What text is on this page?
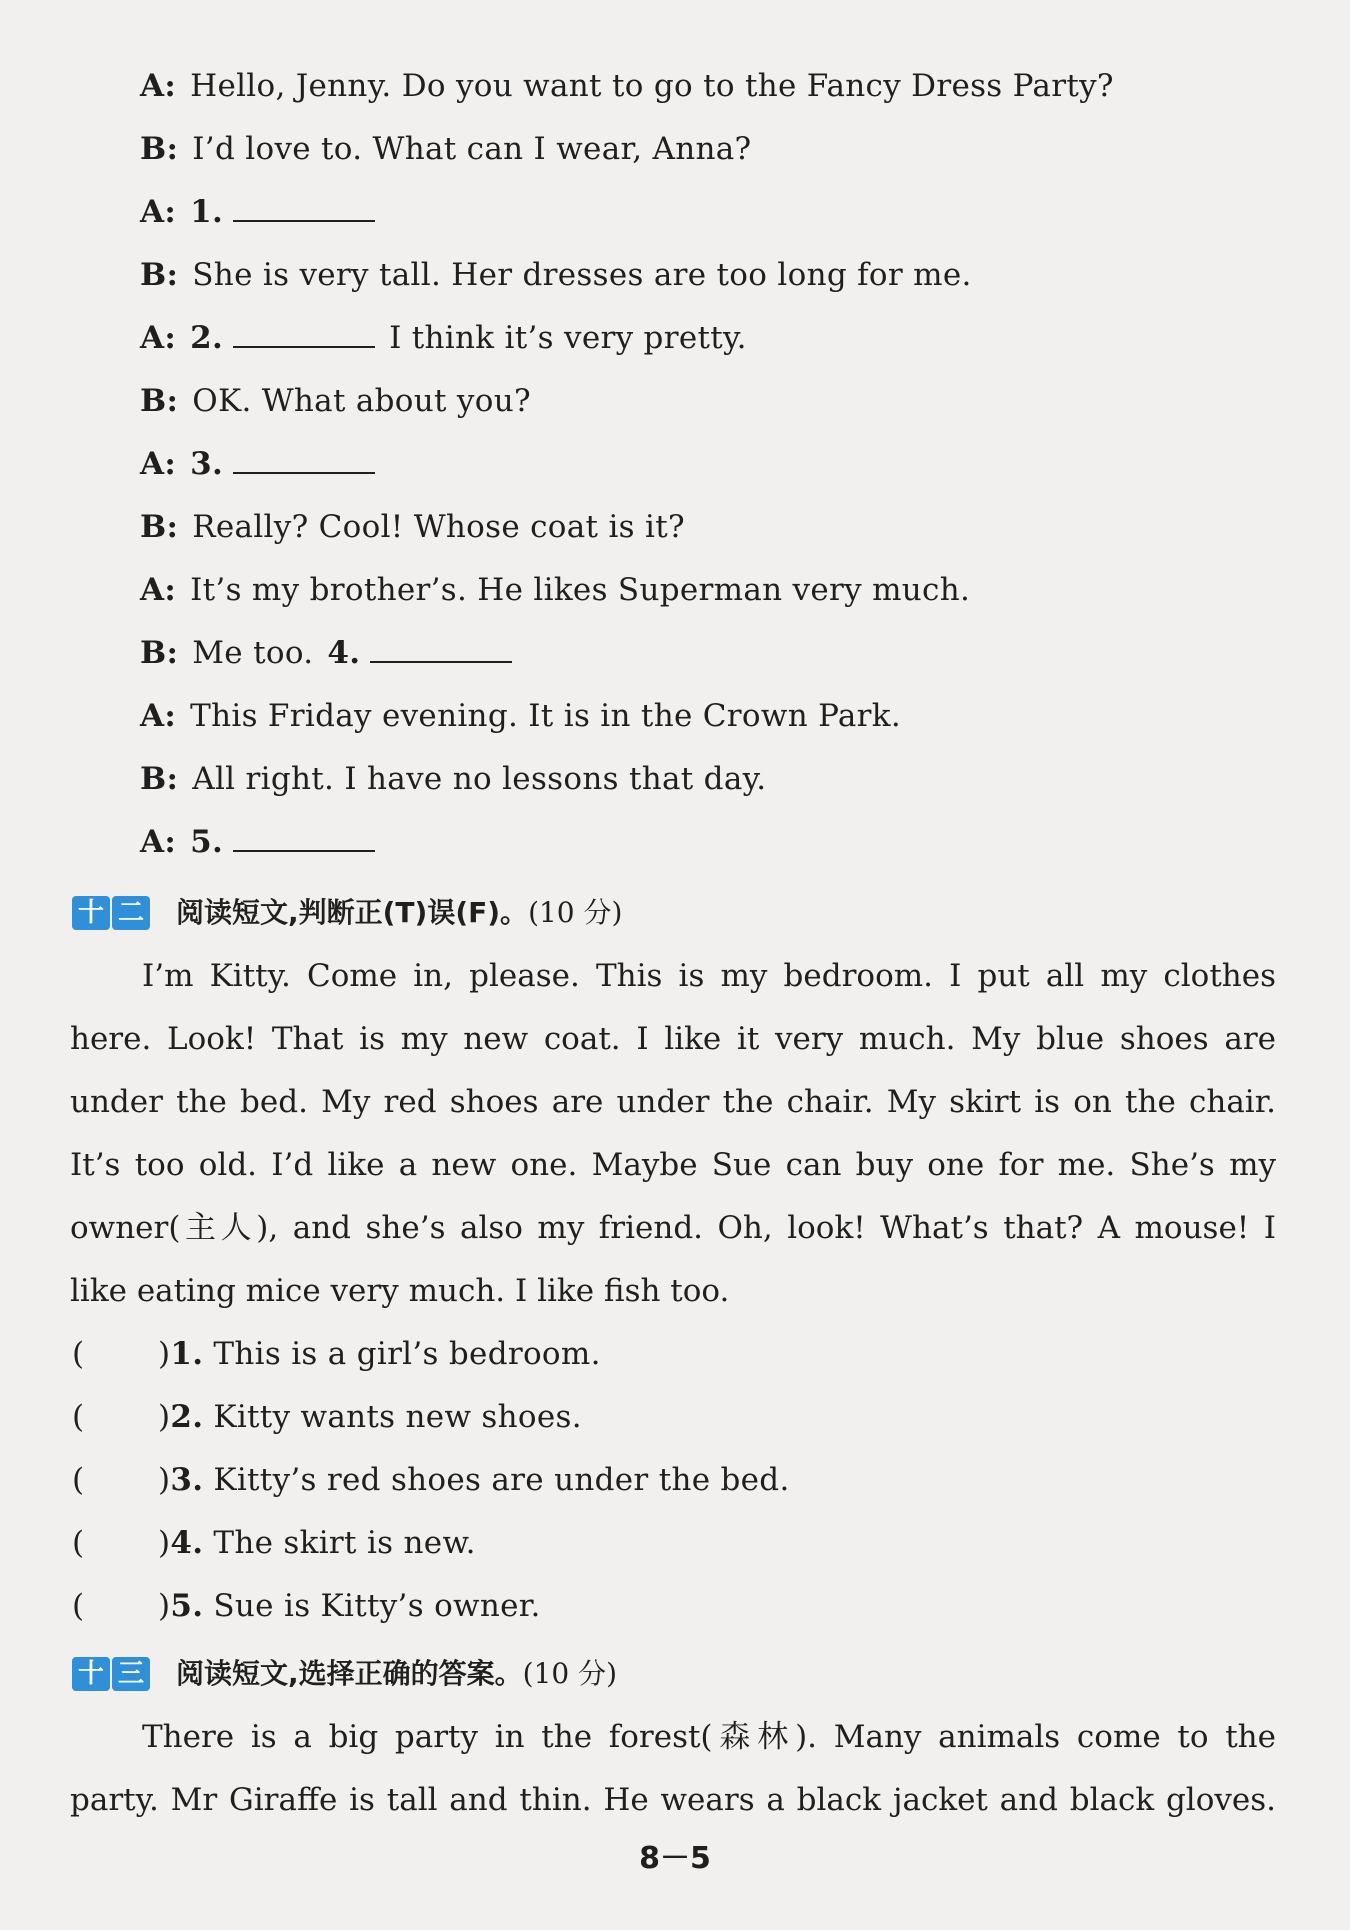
A: Hello, Jenny. Do you want to go to the Fancy Dress Party?
B: I’d love to. What can I wear, Anna?
A: 1.
B: She is very tall. Her dresses are too long for me.
A: 2.	I think it’s very pretty.
B: OK. What about you?
A: 3.
B: Really? Cool! Whose coat is it?
A: It’s my brother’s. He likes Superman very much.
B: Me too. 4.
A: This Friday evening. It is in the Crown Park.
B: All right. I have no lessons that day.
A: 5.
十 二 阅读短文,判断正(T)误(F)。(10 分)
I’m Kitty. Come in, please. This is my bedroom. I put all my clothes
here. Look! That is my new coat. I like it very much. My blue shoes are
under the bed. My red shoes are under the chair. My skirt is on the chair.
It’s too old. I’d like a new one. Maybe Sue can buy one for me. She’s my
owner(主人), and she’s also my friend. Oh, look! What’s that? A mouse! I
like eating mice very much. I like fish too.
( )1. This is a girl’s bedroom.
( )2. Kitty wants new shoes.
( )3. Kitty’s red shoes are under the bed.
( )4. The skirt is new.
( )5. Sue is Kitty’s owner.
十 三 阅读短文,选择正确的答案。(10 分)
There is a big party in the forest(森林). Many animals come to the
party. Mr Giraffe is tall and thin. He wears a black jacket and black gloves.
8－5
